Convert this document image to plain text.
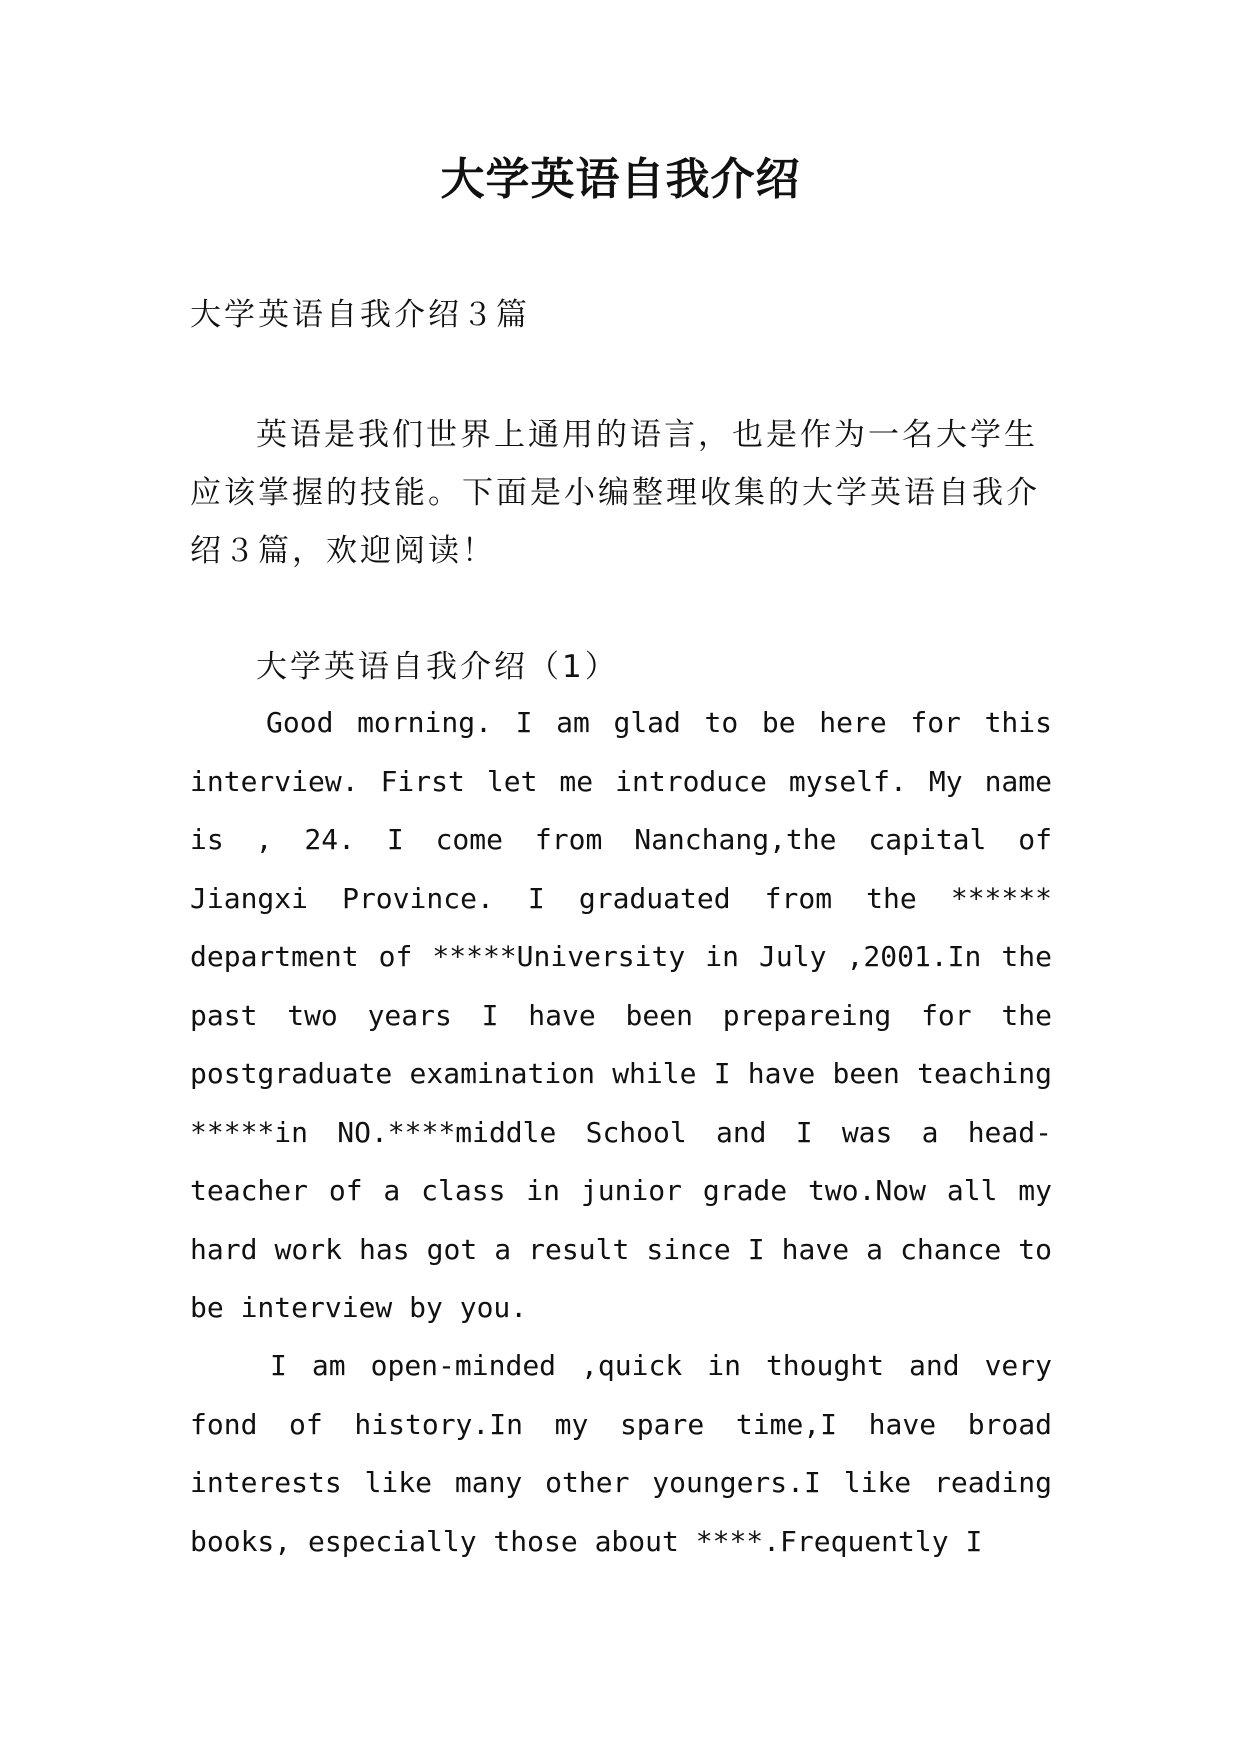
大学英语自我介绍
大学英语自我介绍３篇
英语是我们世界上通用的语言，也是作为一名大学生应该掌握的技能。下面是小编整理收集的大学英语自我介绍３篇，欢迎阅读！
大学英语自我介绍（1）
Good morning. I am glad to be here for this interview. First let me introduce myself. My name is , 24. I come from Nanchang,the capital of Jiangxi Province. I graduated from the ****** department of *****University in July ,2001.In the past two years I have been prepareing for the postgraduate examination while I have been teaching *****in NO.****middle School and I was a head-teacher of a class in junior grade two.Now all my hard work has got a result since I have a chance to be interview by you.
I am open-minded ,quick in thought and very fond of history.In my spare time,I have broad interests like many other youngers.I like reading books, especially those about ****.Frequently I
